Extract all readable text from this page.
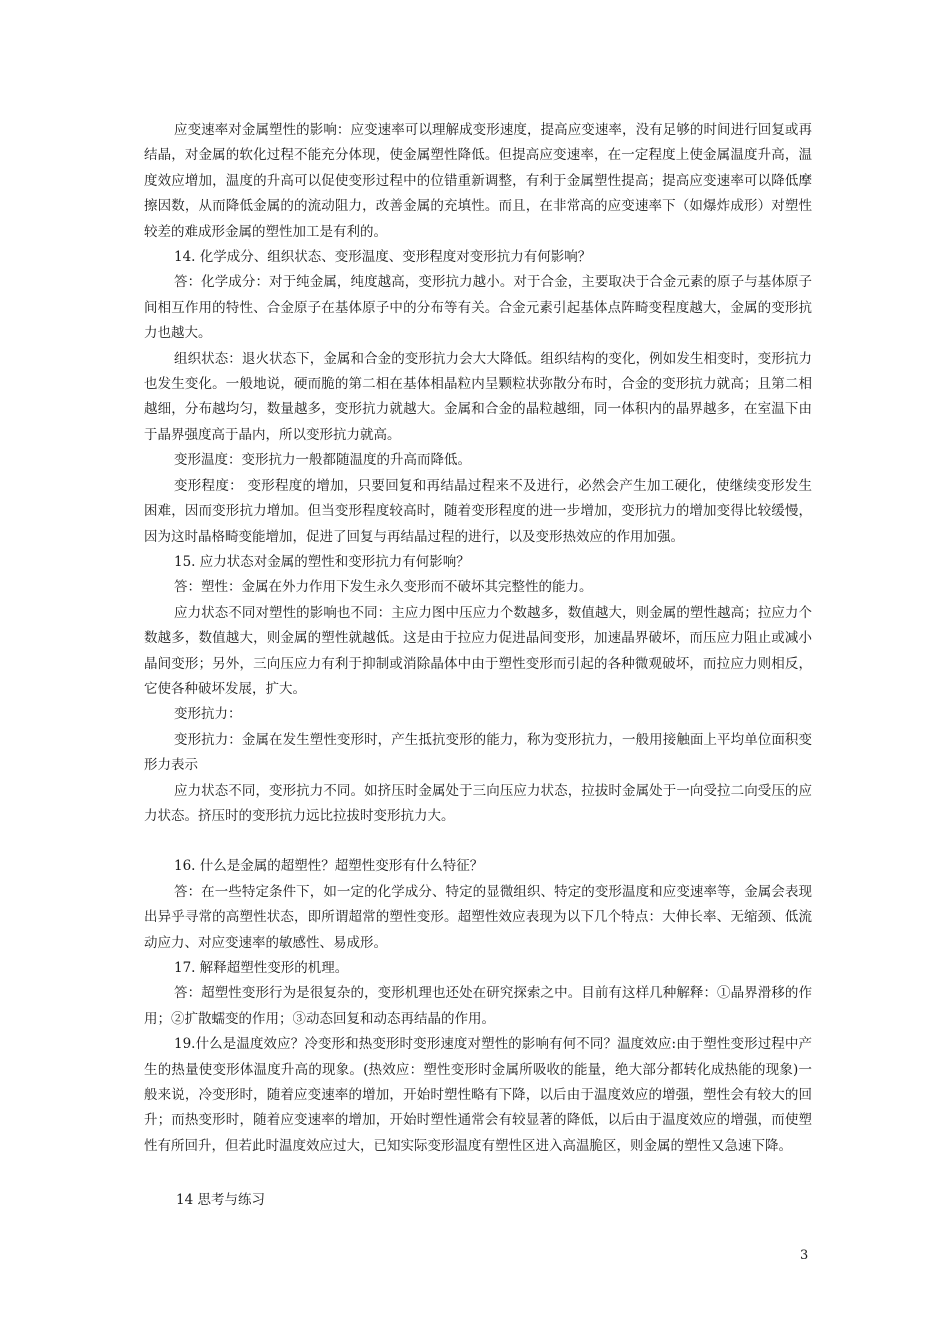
应变速率对金属塑性的影响：应变速率可以理解成变形速度，提高应变速率，没有足够的时间进行回复或再结晶，对金属的软化过程不能充分体现，使金属塑性降低。但提高应变速率，在一定程度上使金属温度升高，温度效应增加，温度的升高可以促使变形过程中的位错重新调整，有利于金属塑性提高；提高应变速率可以降低摩擦因数，从而降低金属的的流动阻力，改善金属的充填性。而且，在非常高的应变速率下（如爆炸成形）对塑性较差的难成形金属的塑性加工是有利的。

14. 化学成分、组织状态、变形温度、变形程度对变形抗力有何影响？

答：化学成分：对于纯金属，纯度越高，变形抗力越小。对于合金，主要取决于合金元素的原子与基体原子间相互作用的特性、合金原子在基体原子中的分布等有关。合金元素引起基体点阵畸变程度越大，金属的变形抗力也越大。

组织状态：退火状态下，金属和合金的变形抗力会大大降低。组织结构的变化，例如发生相变时，变形抗力也发生变化。一般地说，硬而脆的第二相在基体相晶粒内呈颗粒状弥散分布时，合金的变形抗力就高；且第二相越细，分布越均匀，数量越多，变形抗力就越大。金属和合金的晶粒越细，同一体积内的晶界越多，在室温下由于晶界强度高于晶内，所以变形抗力就高。

变形温度：变形抗力一般都随温度的升高而降低。

变形程度： 变形程度的增加，只要回复和再结晶过程来不及进行，必然会产生加工硬化，使继续变形发生困难，因而变形抗力增加。但当变形程度较高时，随着变形程度的进一步增加，变形抗力的增加变得比较缓慢，因为这时晶格畸变能增加，促进了回复与再结晶过程的进行，以及变形热效应的作用加强。

15. 应力状态对金属的塑性和变形抗力有何影响？

答：塑性：金属在外力作用下发生永久变形而不破坏其完整性的能力。

应力状态不同对塑性的影响也不同：主应力图中压应力个数越多，数值越大，则金属的塑性越高；拉应力个数越多，数值越大，则金属的塑性就越低。这是由于拉应力促进晶间变形，加速晶界破坏，而压应力阻止或减小晶间变形；另外，三向压应力有利于抑制或消除晶体中由于塑性变形而引起的各种微观破坏，而拉应力则相反，它使各种破坏发展，扩大。

变形抗力：

变形抗力：金属在发生塑性变形时，产生抵抗变形的能力，称为变形抗力，一般用接触面上平均单位面积变形力表示

应力状态不同，变形抗力不同。如挤压时金属处于三向压应力状态，拉拔时金属处于一向受拉二向受压的应力状态。挤压时的变形抗力远比拉拔时变形抗力大。

16. 什么是金属的超塑性？超塑性变形有什么特征？

答：在一些特定条件下，如一定的化学成分、特定的显微组织、特定的变形温度和应变速率等，金属会表现出异乎寻常的高塑性状态，即所谓超常的塑性变形。超塑性效应表现为以下几个特点：大伸长率、无缩颈、低流动应力、对应变速率的敏感性、易成形。

17. 解释超塑性变形的机理。

答：超塑性变形行为是很复杂的，变形机理也还处在研究探索之中。目前有这样几种解释：①晶界滑移的作用；②扩散蠕变的作用；③动态回复和动态再结晶的作用。

19.什么是温度效应？冷变形和热变形时变形速度对塑性的影响有何不同？温度效应:由于塑性变形过程中产生的热量使变形体温度升高的现象。(热效应：塑性变形时金属所吸收的能量，绝大部分都转化成热能的现象)一般来说，冷变形时，随着应变速率的增加，开始时塑性略有下降，以后由于温度效应的增强，塑性会有较大的回升；而热变形时，随着应变速率的增加，开始时塑性通常会有较显著的降低，以后由于温度效应的增强，而使塑性有所回升，但若此时温度效应过大，已知实际变形温度有塑性区进入高温脆区，则金属的塑性又急速下降。

14 思考与练习

3
